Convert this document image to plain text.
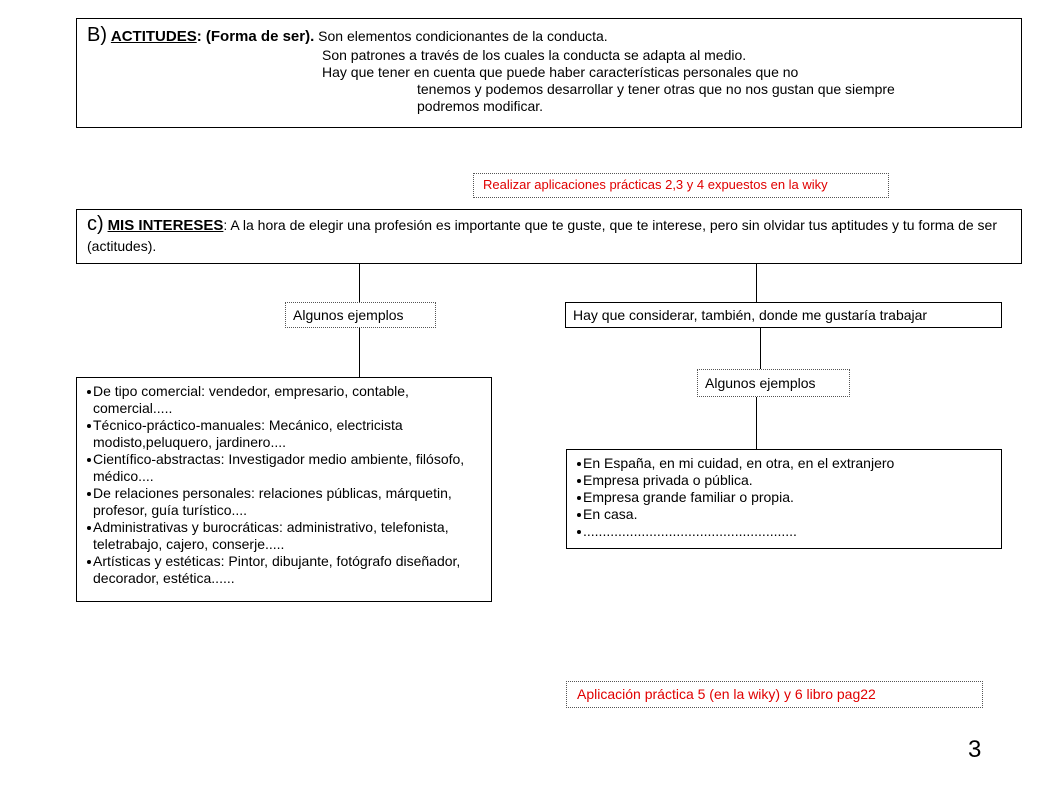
B) ACTITUDES: (Forma de ser). Son elementos condicionantes de la conducta.
Son patrones a través de los cuales la conducta se adapta al medio.
Hay que tener en cuenta que puede haber características personales que no
tenemos y podemos desarrollar y tener otras que no nos gustan que siempre
podremos modificar.
Realizar aplicaciones prácticas 2,3 y 4 expuestos en la wiky
c) MIS INTERESES: A la hora de elegir una profesión es importante que te guste, que te interese, pero sin olvidar tus aptitudes y tu forma de ser (actitudes).
Algunos ejemplos	Hay que considerar, también, donde me gustaría trabajar
Algunos ejemplos
De tipo comercial: vendedor, empresario, contable, comercial.....
Técnico-práctico-manuales: Mecánico, electricista modisto,peluquero, jardinero....
Científico-abstractas: Investigador medio ambiente, filósofo, médico....
De relaciones personales: relaciones públicas, márquetin, profesor, guía turístico....
Administrativas y burocráticas: administrativo, telefonista, teletrabajo, cajero, conserje.....
Artísticas y estéticas: Pintor, dibujante, fotógrafo diseñador, decorador, estética......
En España, en mi cuidad, en otra, en el extranjero
Empresa privada o pública.
Empresa grande familiar o propia.
En casa.
.......................................................
Aplicación práctica 5 (en la wiky) y 6 libro pag22
3
